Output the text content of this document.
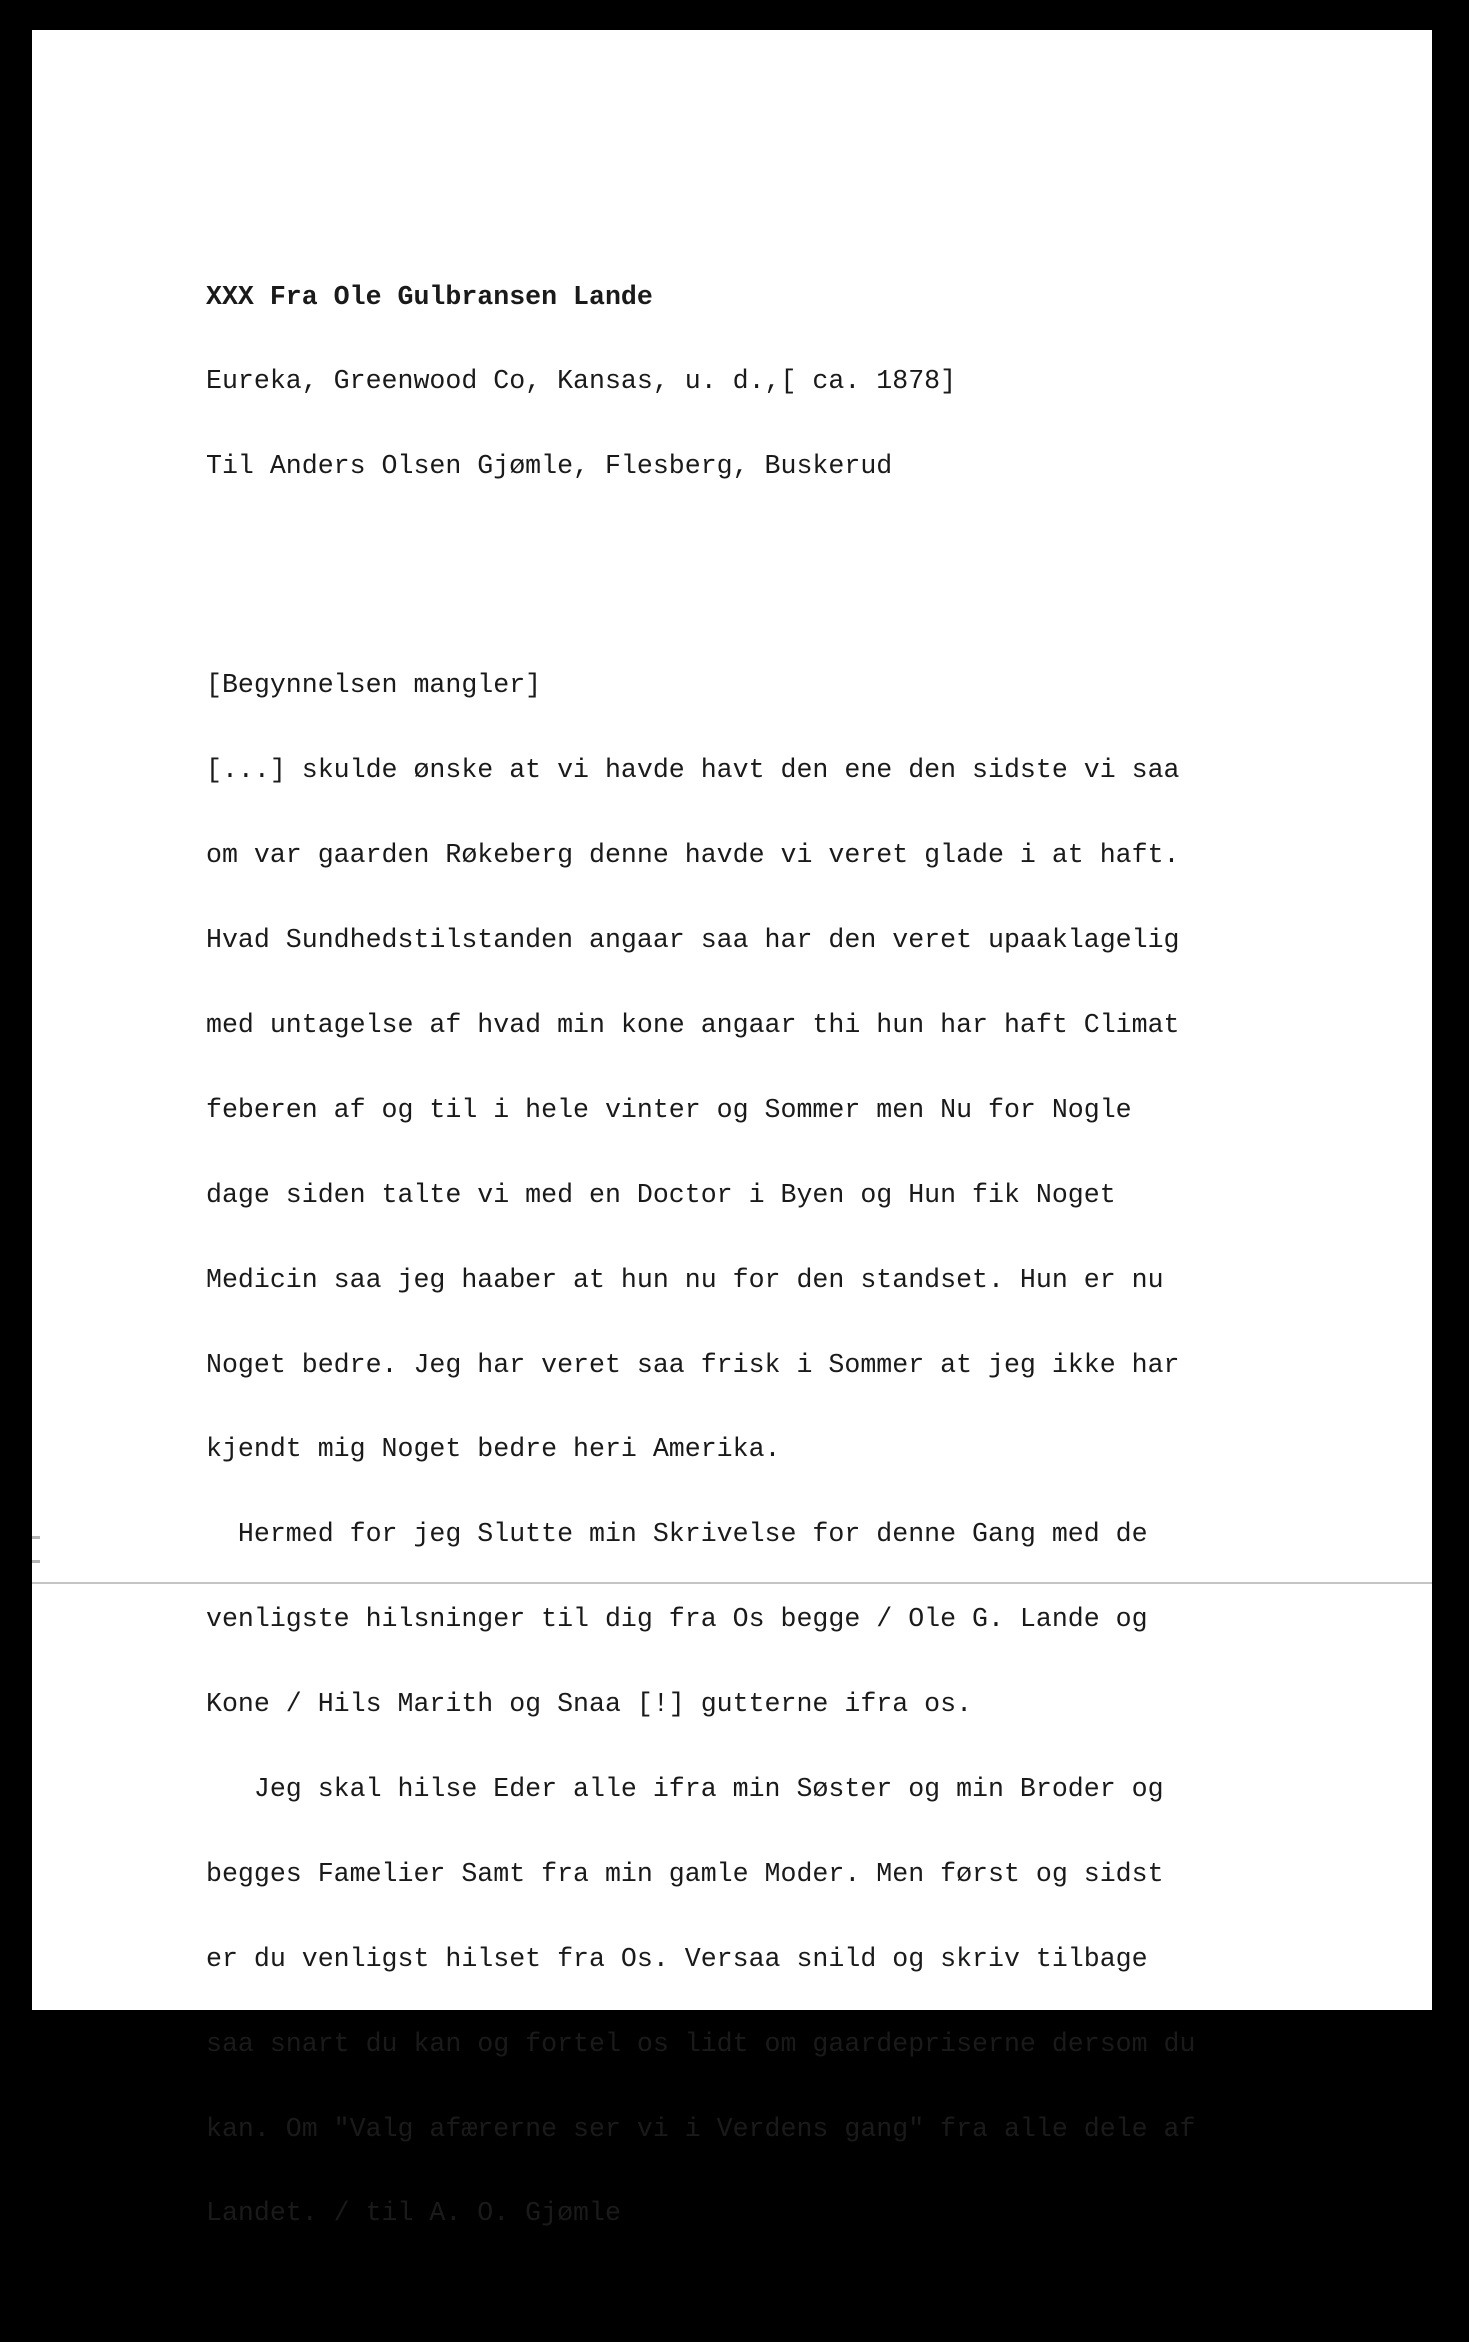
XXX Fra Ole Gulbransen Lande

Eureka, Greenwood Co, Kansas, u. d.,[ ca. 1878]

Til Anders Olsen Gjømle, Flesberg, Buskerud

[Begynnelsen mangler]

[...] skulde ønske at vi havde havt den ene den sidste vi saa

om var gaarden Røkeberg denne havde vi veret glade i at haft.

Hvad Sundhedstilstanden angaar saa har den veret upaaklagelig

med untagelse af hvad min kone angaar thi hun har haft Climat

feberen af og til i hele vinter og Sommer men Nu for Nogle

dage siden talte vi med en Doctor i Byen og Hun fik Noget

Medicin saa jeg haaber at hun nu for den standset. Hun er nu

Noget bedre. Jeg har veret saa frisk i Sommer at jeg ikke har

kjendt mig Noget bedre heri Amerika.

Hermed for jeg Slutte min Skrivelse for denne Gang med de

venligste hilsninger til dig fra Os begge / Ole G. Lande og

Kone / Hils Marith og Snaa [!] gutterne ifra os.

Jeg skal hilse Eder alle ifra min Søster og min Broder og

begges Famelier Samt fra min gamle Moder. Men først og sidst

er du venligst hilset fra Os. Versaa snild og skriv tilbage

saa snart du kan og fortel os lidt om gaardepriserne dersom du

kan. Om "Valg afærerne ser vi i Verdens gang" fra alle dele af

Landet. / til A. O. Gjømle
